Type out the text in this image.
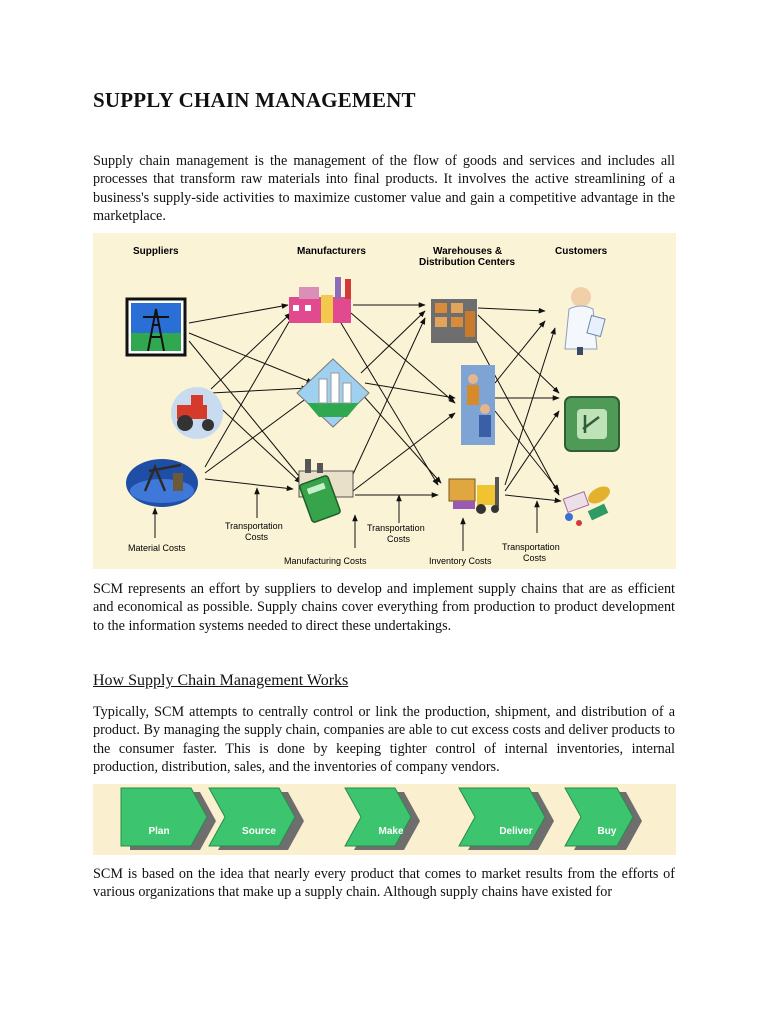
SUPPLY CHAIN MANAGEMENT

Supply chain management is the management of the flow of goods and services and includes all processes that transform raw materials into final products. It involves the active streamlining of a business's supply-side activities to maximize customer value and gain a competitive advantage in the marketplace.

Suppliers	Manufacturers	Warehouses &
Distribution Centers
Customers
Material Costs
Transportation
Costs
Transportation
Costs
Manufacturing Costs	Inventory Costs
Transportation
Costs

SCM represents an effort by suppliers to develop and implement supply chains that are as efficient and economical as possible. Supply chains cover everything from production to product development to the information systems needed to direct these undertakings.

How Supply Chain Management Works

Typically, SCM attempts to centrally control or link the production, shipment, and distribution of a product. By managing the supply chain, companies are able to cut excess costs and deliver products to the consumer faster. This is done by keeping tighter control of internal inventories, internal production, distribution, sales, and the inventories of company vendors.

Plan	Source	Make	Deliver	Buy

SCM is based on the idea that nearly every product that comes to market results from the efforts of various organizations that make up a supply chain. Although supply chains have existed for
